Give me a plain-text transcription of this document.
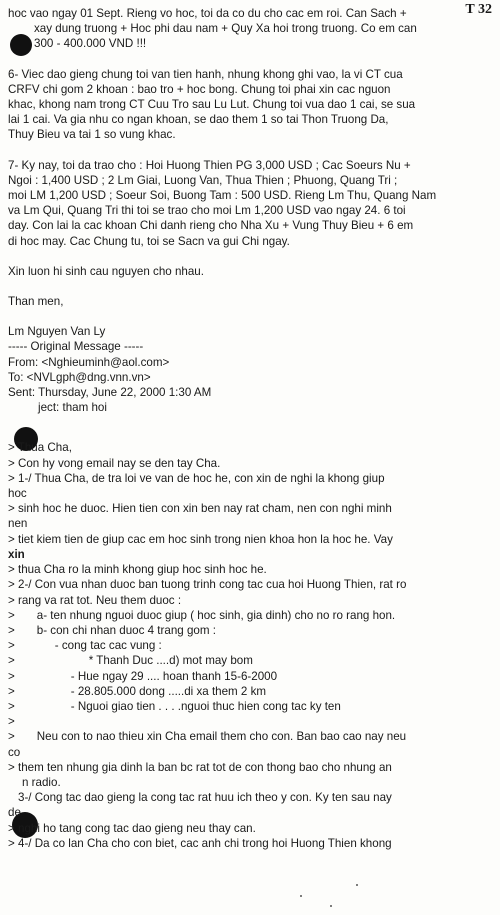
T 32
hoc vao ngay 01 Sept. Rieng vo hoc, toi da co du cho cac em roi. Can Sach +
xay dung truong + Hoc phi dau nam + Quy Xa hoi trong truong. Co em can
300 - 400.000 VND !!!
6- Viec dao gieng chung toi van tien hanh, nhung khong ghi vao, la vi CT cua
CRFV chi gom 2 khoan : bao tro + hoc bong. Chung toi phai xin cac nguon
khac, khong nam trong CT Cuu Tro sau Lu Lut. Chung toi vua dao 1 cai, se sua
lai 1 cai. Va gia nhu co ngan khoan, se dao them 1 so tai Thon Truong Da,
Thuy Bieu va tai 1 so vung khac.
7- Ky nay, toi da trao cho : Hoi Huong Thien PG 3,000 USD ; Cac Soeurs Nu +
Ngoi : 1,400 USD ; 2 Lm Giai, Luong Van, Thua Thien ; Phuong, Quang Tri ;
moi LM 1,200 USD ; Soeur Soi, Buong Tam : 500 USD. Rieng Lm Thu, Quang Nam
va Lm Qui, Quang Tri thi toi se trao cho moi Lm 1,200 USD vao ngay 24. 6 toi
day. Con lai la cac khoan Chi danh rieng cho Nha Xu + Vung Thuy Bieu + 6 em
di hoc may. Cac Chung tu, toi se Sacn va gui Chi ngay.
Xin luon hi sinh cau nguyen cho nhau.
Than men,
Lm Nguyen Van Ly
----- Original Message -----
From: <Nghieuminh@aol.com>
To: <NVLgph@dng.vnn.vn>
Sent: Thursday, June 22, 2000 1:30 AM
ject: tham hoi
> Thua Cha,
> Con hy vong email nay se den tay Cha.
> 1-/ Thua Cha, de tra loi ve van de hoc he, con xin de nghi la khong giup
hoc
> sinh hoc he duoc. Hien tien con xin ben nay rat cham, nen con nghi minh
nen
> tiet kiem tien de giup cac em hoc sinh trong nien khoa hon la hoc he. Vay
xin
> thua Cha ro la minh khong giup hoc sinh hoc he.
> 2-/ Con vua nhan duoc ban tuong trinh cong tac cua hoi Huong Thien, rat ro
> rang va rat tot. Neu them duoc :
> a- ten nhung nguoi duoc giup ( hoc sinh, gia dinh) cho no ro rang hon.
> b- con chi nhan duoc 4 trang gom :
>	- cong tac cac vung :
>	* Thanh Duc ....d) mot may bom
>	- Hue ngay 29 .... hoan thanh 15-6-2000
>	- 28.805.000 dong .....di xa them 2 km
>	- Nguoi giao tien . . . .nguoi thuc hien cong tac ky ten
>
> Neu con to nao thieu xin Cha email them cho con. Ban bao cao nay neu
co
> them ten nhung gia dinh la ban bc rat tot de con thong bao cho nhung an
n radio.
3-/ Cong tac dao gieng la cong tac rat huu ich theo y con. Ky ten sau nay
de
> nghi ho tang cong tac dao gieng neu thay can.
> 4-/ Da co lan Cha cho con biet, cac anh chi trong hoi Huong Thien khong
